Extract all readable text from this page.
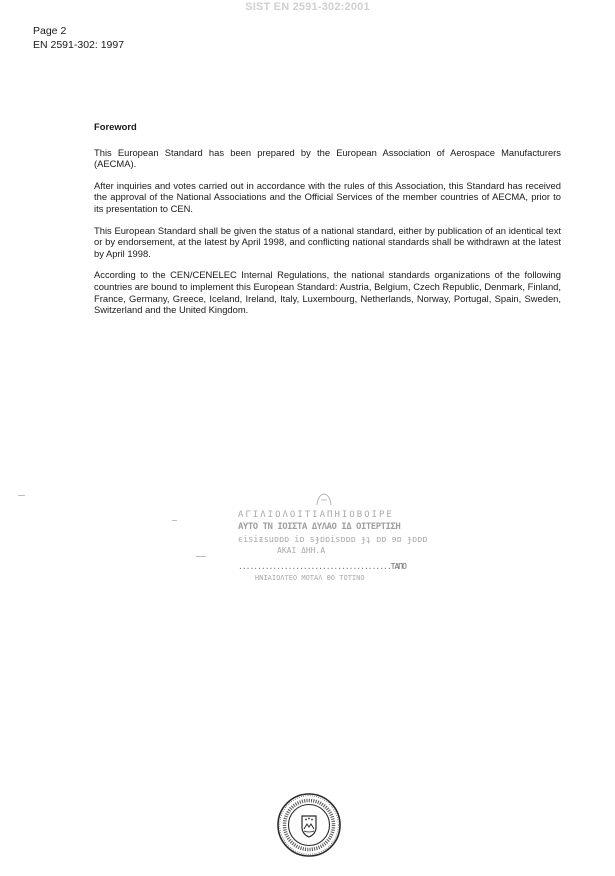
SIST EN 2591-302:2001
Page 2
EN 2591-302: 1997
Foreword

This European Standard has been prepared by the European Association of Aerospace Manufacturers (AECMA).

After inquiries and votes carried out in accordance with the rules of this Association, this Standard has received the approval of the National Associations and the Official Services of the member countries of AECMA, prior to its presentation to CEN.

This European Standard shall be given the status of a national standard, either by publication of an identical text or by endorsement, at the latest by April 1998, and conflicting national standards shall be withdrawn at the latest by April 1998.

According to the CEN/CENELEC Internal Regulations, the national standards organizations of the following countries are bound to implement this European Standard: Austria, Belgium, Czech Republic, Denmark, Finland, France, Germany, Greece, Iceland, Ireland, Italy, Luxembourg, Netherlands, Norway, Portugal, Spain, Sweden, Switzerland and the United Kingdom.

ΑΓΙΛΙΟΛΟΙΤΙΑΠΗΙΟΒΟΙΡΕ
ΑΥΤΟ ΤΝ ΙΟΙΣΤΑ ΔΥΛΑΟ ΙΔ ΟΙΤΕΡΤΙΣΗ
ϵisiᵻsuɒɒɒ iɒ sɟɒɒisɒɒɒ ɟʇ ɒɒ ɘɒ ɟɒɒɒ
ΑΚΑΙ ΔΗΗ.Α
........................................ΤΑΠΟ
ΗΝΙΑΙΟΛΤΕΟ ΜΟΤΑΛ ΘΟ ΤΟΤΙΝΟ
